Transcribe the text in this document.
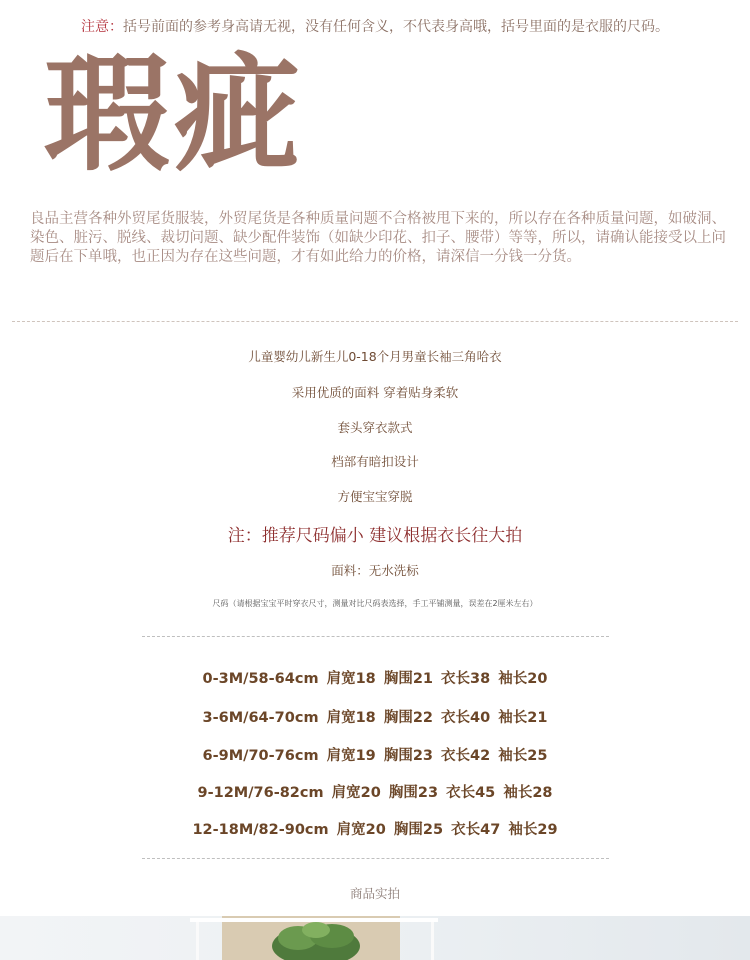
注意：括号前面的参考身高请无视，没有任何含义，不代表身高哦，括号里面的是衣服的尺码。
瑕疵
良品主营各种外贸尾货服装，外贸尾货是各种质量问题不合格被甩下来的，所以存在各种质量问题，如破洞、染色、脏污、脱线、裁切问题、缺少配件装饰（如缺少印花、扣子、腰带）等等，所以，请确认能接受以上问题后在下单哦，也正因为存在这些问题，才有如此给力的价格，请深信一分钱一分货。
儿童婴幼儿新生儿0-18个月男童长袖三角哈衣
采用优质的面料 穿着贴身柔软
套头穿衣款式
档部有暗扣设计
方便宝宝穿脱
注：推荐尺码偏小 建议根据衣长往大拍
面料：无水洗标
尺码（请根据宝宝平时穿衣尺寸，测量对比尺码表选择，手工平铺测量，误差在2厘米左右）
0-3M/58-64cm 肩宽18 胸围21 衣长38 袖长20
3-6M/64-70cm 肩宽18 胸围22 衣长40 袖长21
6-9M/70-76cm 肩宽19 胸围23 衣长42 袖长25
9-12M/76-82cm 肩宽20 胸围23 衣长45 袖长28
12-18M/82-90cm 肩宽20 胸围25 衣长47 袖长29
商品实拍
